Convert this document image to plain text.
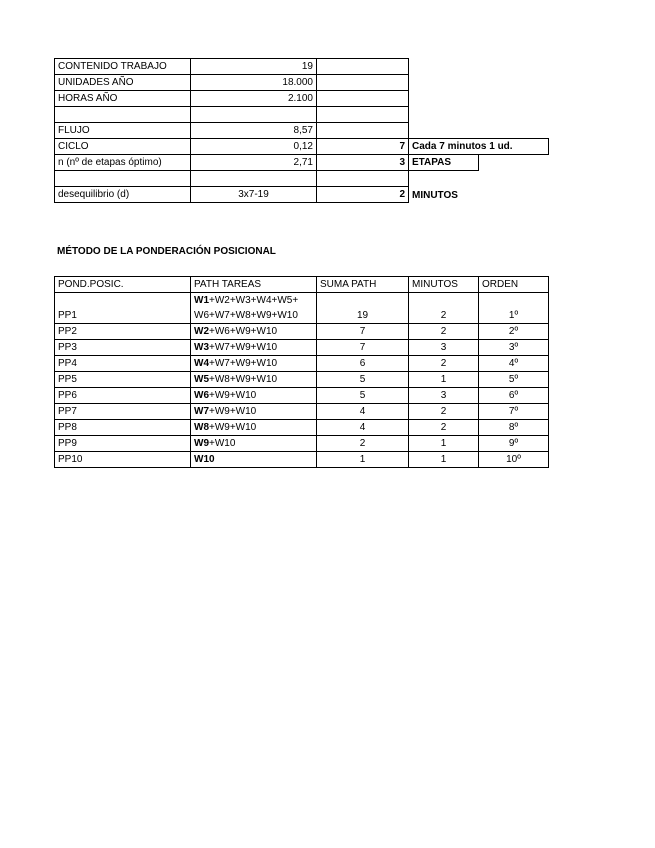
CONTENIDO TRABAJO	19			
UNIDADES AÑO	18.000			
HORAS AÑO	2.100			

FLUJO	8,57			
CICLO	0,12	7	Cada 7 minutos 1 ud.	
n (nº de etapas óptimo)	2,71	3	ETAPAS	

desequilibrio (d)	3x7-19	2	MINUTOS	
MÉTODO DE LA PONDERACIÓN POSICIONAL
POND.POSIC.	PATH TAREAS	SUMA PATH	MINUTOS	ORDEN
PP1	W1+W2+W3+W4+W5+
W6+W7+W8+W9+W10	19	2	1º
PP2	W2+W6+W9+W10	7	2	2º
PP3	W3+W7+W9+W10	7	3	3º
PP4	W4+W7+W9+W10	6	2	4º
PP5	W5+W8+W9+W10	5	1	5º
PP6	W6+W9+W10	5	3	6º
PP7	W7+W9+W10	4	2	7º
PP8	W8+W9+W10	4	2	8º
PP9	W9+W10	2	1	9º
PP10	W10	1	1	10º
